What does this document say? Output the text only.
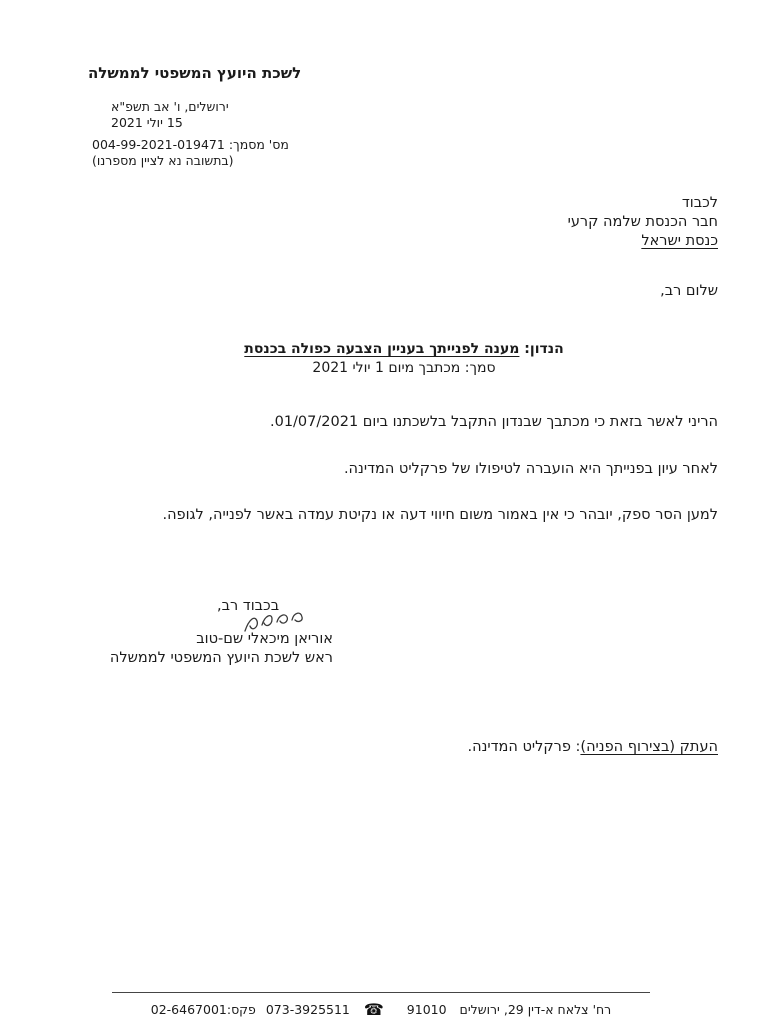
לשכת היועץ המשפטי לממשלה
ירושלים, ו' אב תשפ"א
15 יולי 2021
מס' מסמך: 004-99-2021-019471
(בתשובה נא לציין מספרנו)
לכבוד
חבר הכנסת שלמה קרעי
כנסת ישראל
שלום רב,
הנדון: מענה לפנייתך בעניין הצבעה כפולה בכנסת
סמך: מכתבך מיום 1 יולי 2021
הריני לאשר בזאת כי מכתבך שבנדון התקבל בלשכתנו ביום 01/07/2021.
לאחר עיון בפנייתך היא הועברה לטיפולו של פרקליט המדינה.
למען הסר ספק, יובהר כי אין באמור משום חיווי דעה או נקיטת עמדה באשר לפנייה, לגופה.
בכבוד רב,
אוריאן מיכאלי שם-טוב
ראש לשכת היועץ המשפטי לממשלה
העתק (בצירוף הפניה): פרקליט המדינה.
רח' צלאח א-דין 29, ירושלים 91010 ☎ 073-3925511 פקס:02-6467001
